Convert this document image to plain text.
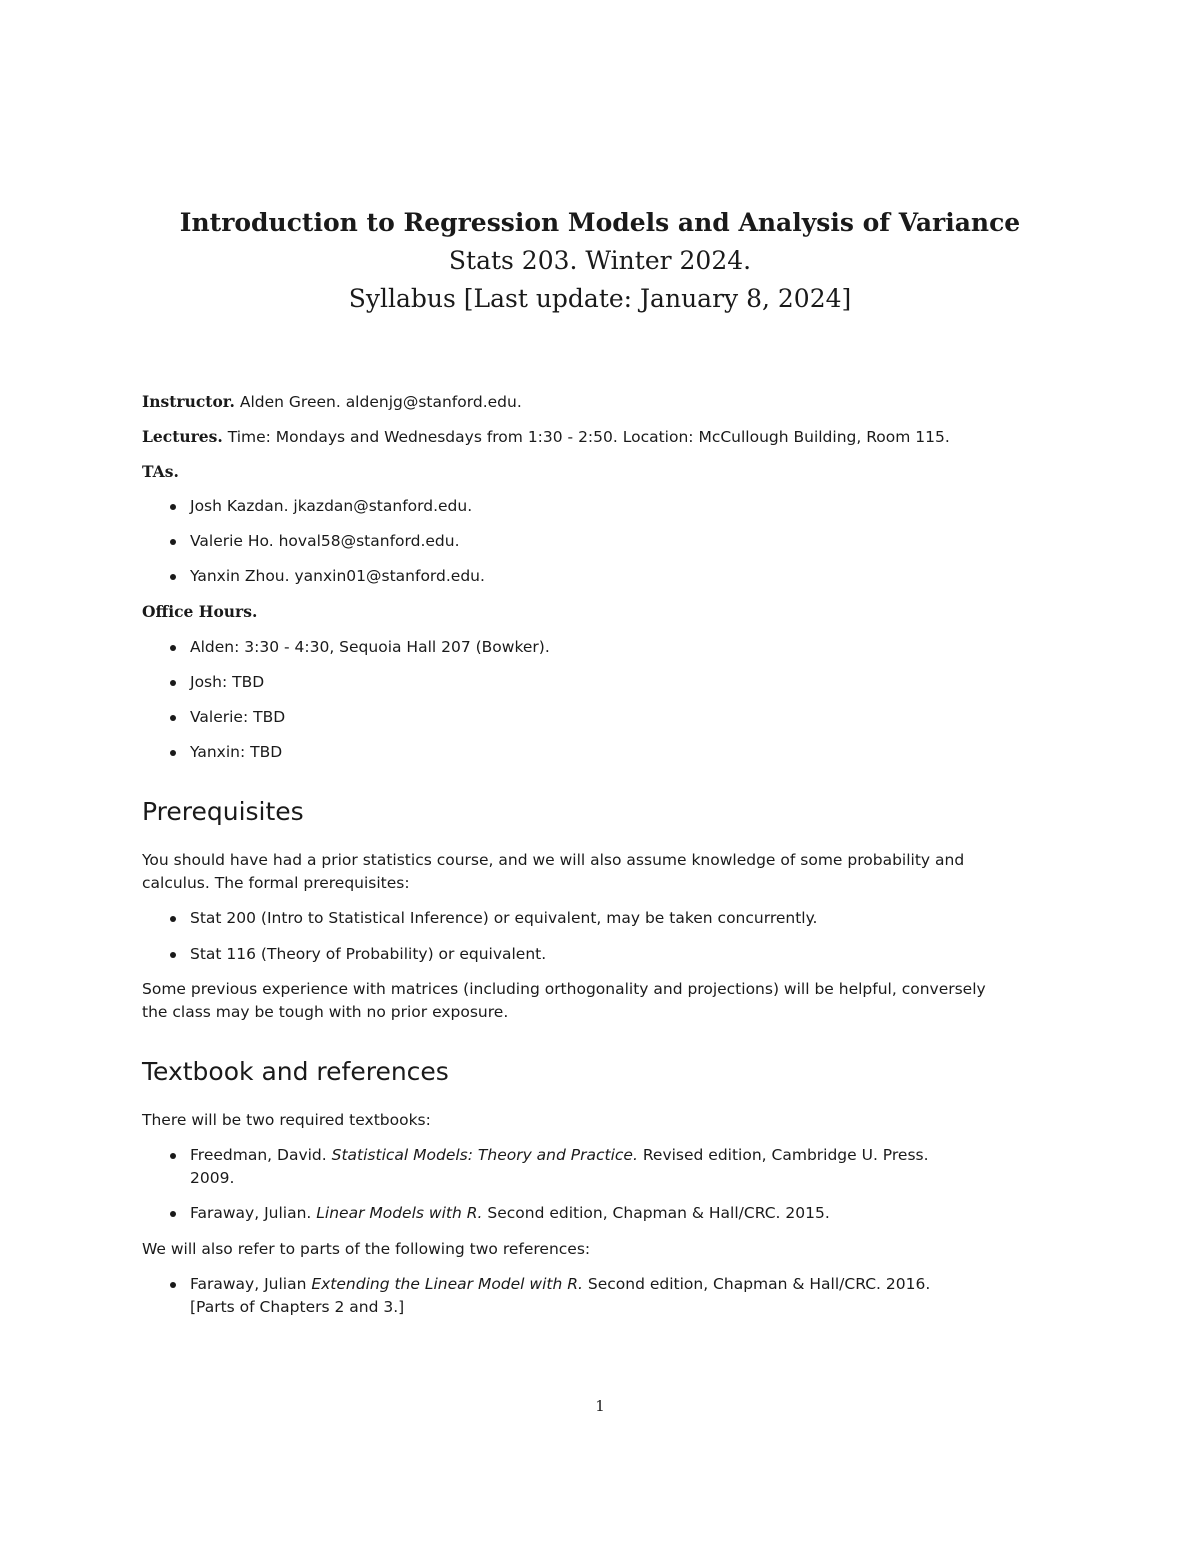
Introduction to Regression Models and Analysis of Variance
Stats 203. Winter 2024.
Syllabus [Last update: January 8, 2024]
Instructor. Alden Green. aldenjg@stanford.edu.
Lectures. Time: Mondays and Wednesdays from 1:30 - 2:50. Location: McCullough Building, Room 115.
TAs.
Josh Kazdan. jkazdan@stanford.edu.
Valerie Ho. hoval58@stanford.edu.
Yanxin Zhou. yanxin01@stanford.edu.
Office Hours.
Alden: 3:30 - 4:30, Sequoia Hall 207 (Bowker).
Josh: TBD
Valerie: TBD
Yanxin: TBD
Prerequisites
You should have had a prior statistics course, and we will also assume knowledge of some probability and
calculus. The formal prerequisites:
Stat 200 (Intro to Statistical Inference) or equivalent, may be taken concurrently.
Stat 116 (Theory of Probability) or equivalent.
Some previous experience with matrices (including orthogonality and projections) will be helpful, conversely
the class may be tough with no prior exposure.
Textbook and references
There will be two required textbooks:
Freedman, David. Statistical Models: Theory and Practice. Revised edition, Cambridge U. Press.
2009.
Faraway, Julian. Linear Models with R. Second edition, Chapman & Hall/CRC. 2015.
We will also refer to parts of the following two references:
Faraway, Julian Extending the Linear Model with R. Second edition, Chapman & Hall/CRC. 2016.
[Parts of Chapters 2 and 3.]
1
